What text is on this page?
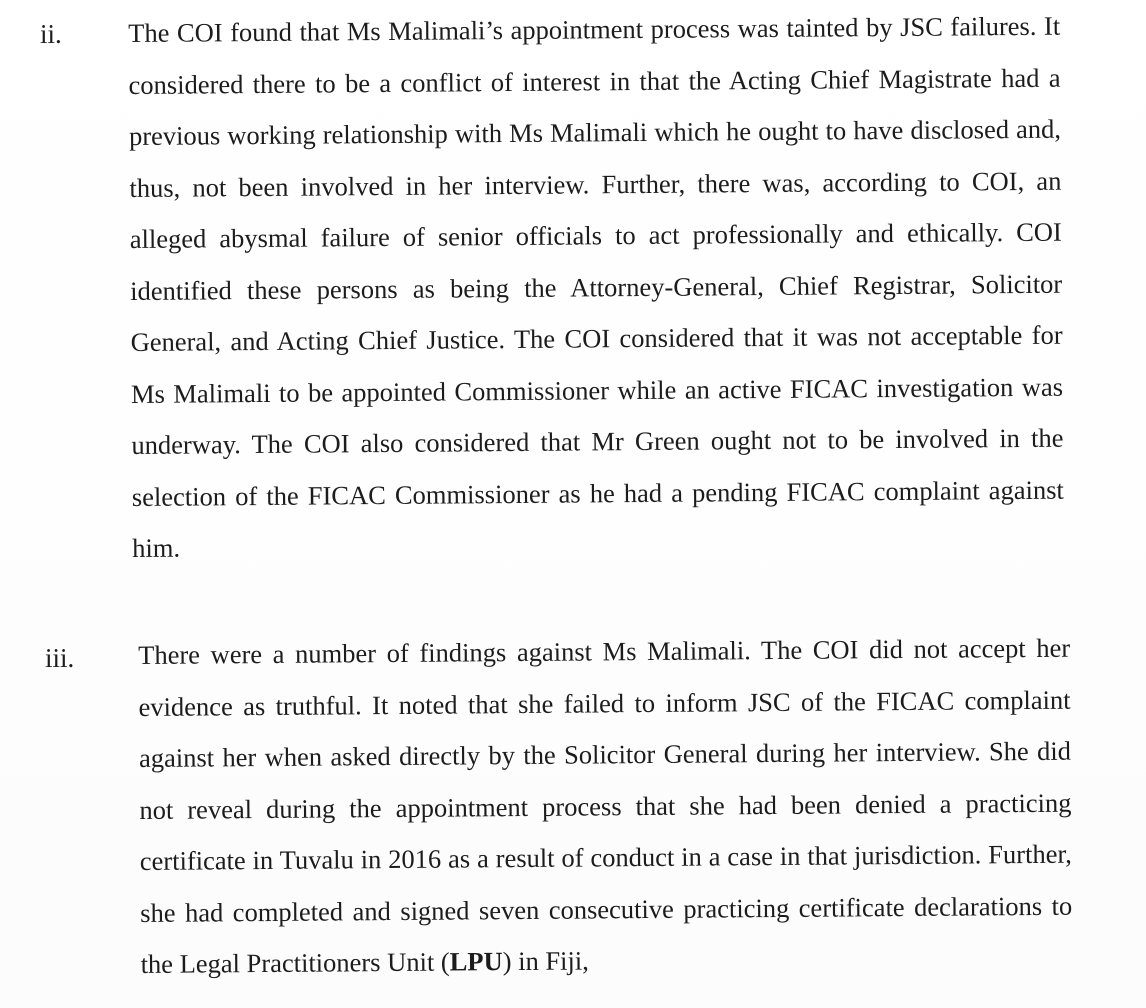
ii.	The COI found that Ms Malimali’s appointment process was tainted by JSC failures. It considered there to be a conflict of interest in that the Acting Chief Magistrate had a previous working relationship with Ms Malimali which he ought to have disclosed and, thus, not been involved in her interview. Further, there was, according to COI, an alleged abysmal failure of senior officials to act professionally and ethically. COI identified these persons as being the Attorney-General, Chief Registrar, Solicitor General, and Acting Chief Justice. The COI considered that it was not acceptable for Ms Malimali to be appointed Commissioner while an active FICAC investigation was underway. The COI also considered that Mr Green ought not to be involved in the selection of the FICAC Commissioner as he had a pending FICAC complaint against him.
iii. There were a number of findings against Ms Malimali. The COI did not accept her evidence as truthful. It noted that she failed to inform JSC of the FICAC complaint against her when asked directly by the Solicitor General during her interview. She did not reveal during the appointment process that she had been denied a practicing certificate in Tuvalu in 2016 as a result of conduct in a case in that jurisdiction. Further, she had completed and signed seven consecutive practicing certificate declarations to the Legal Practitioners Unit (LPU) in Fiji,
